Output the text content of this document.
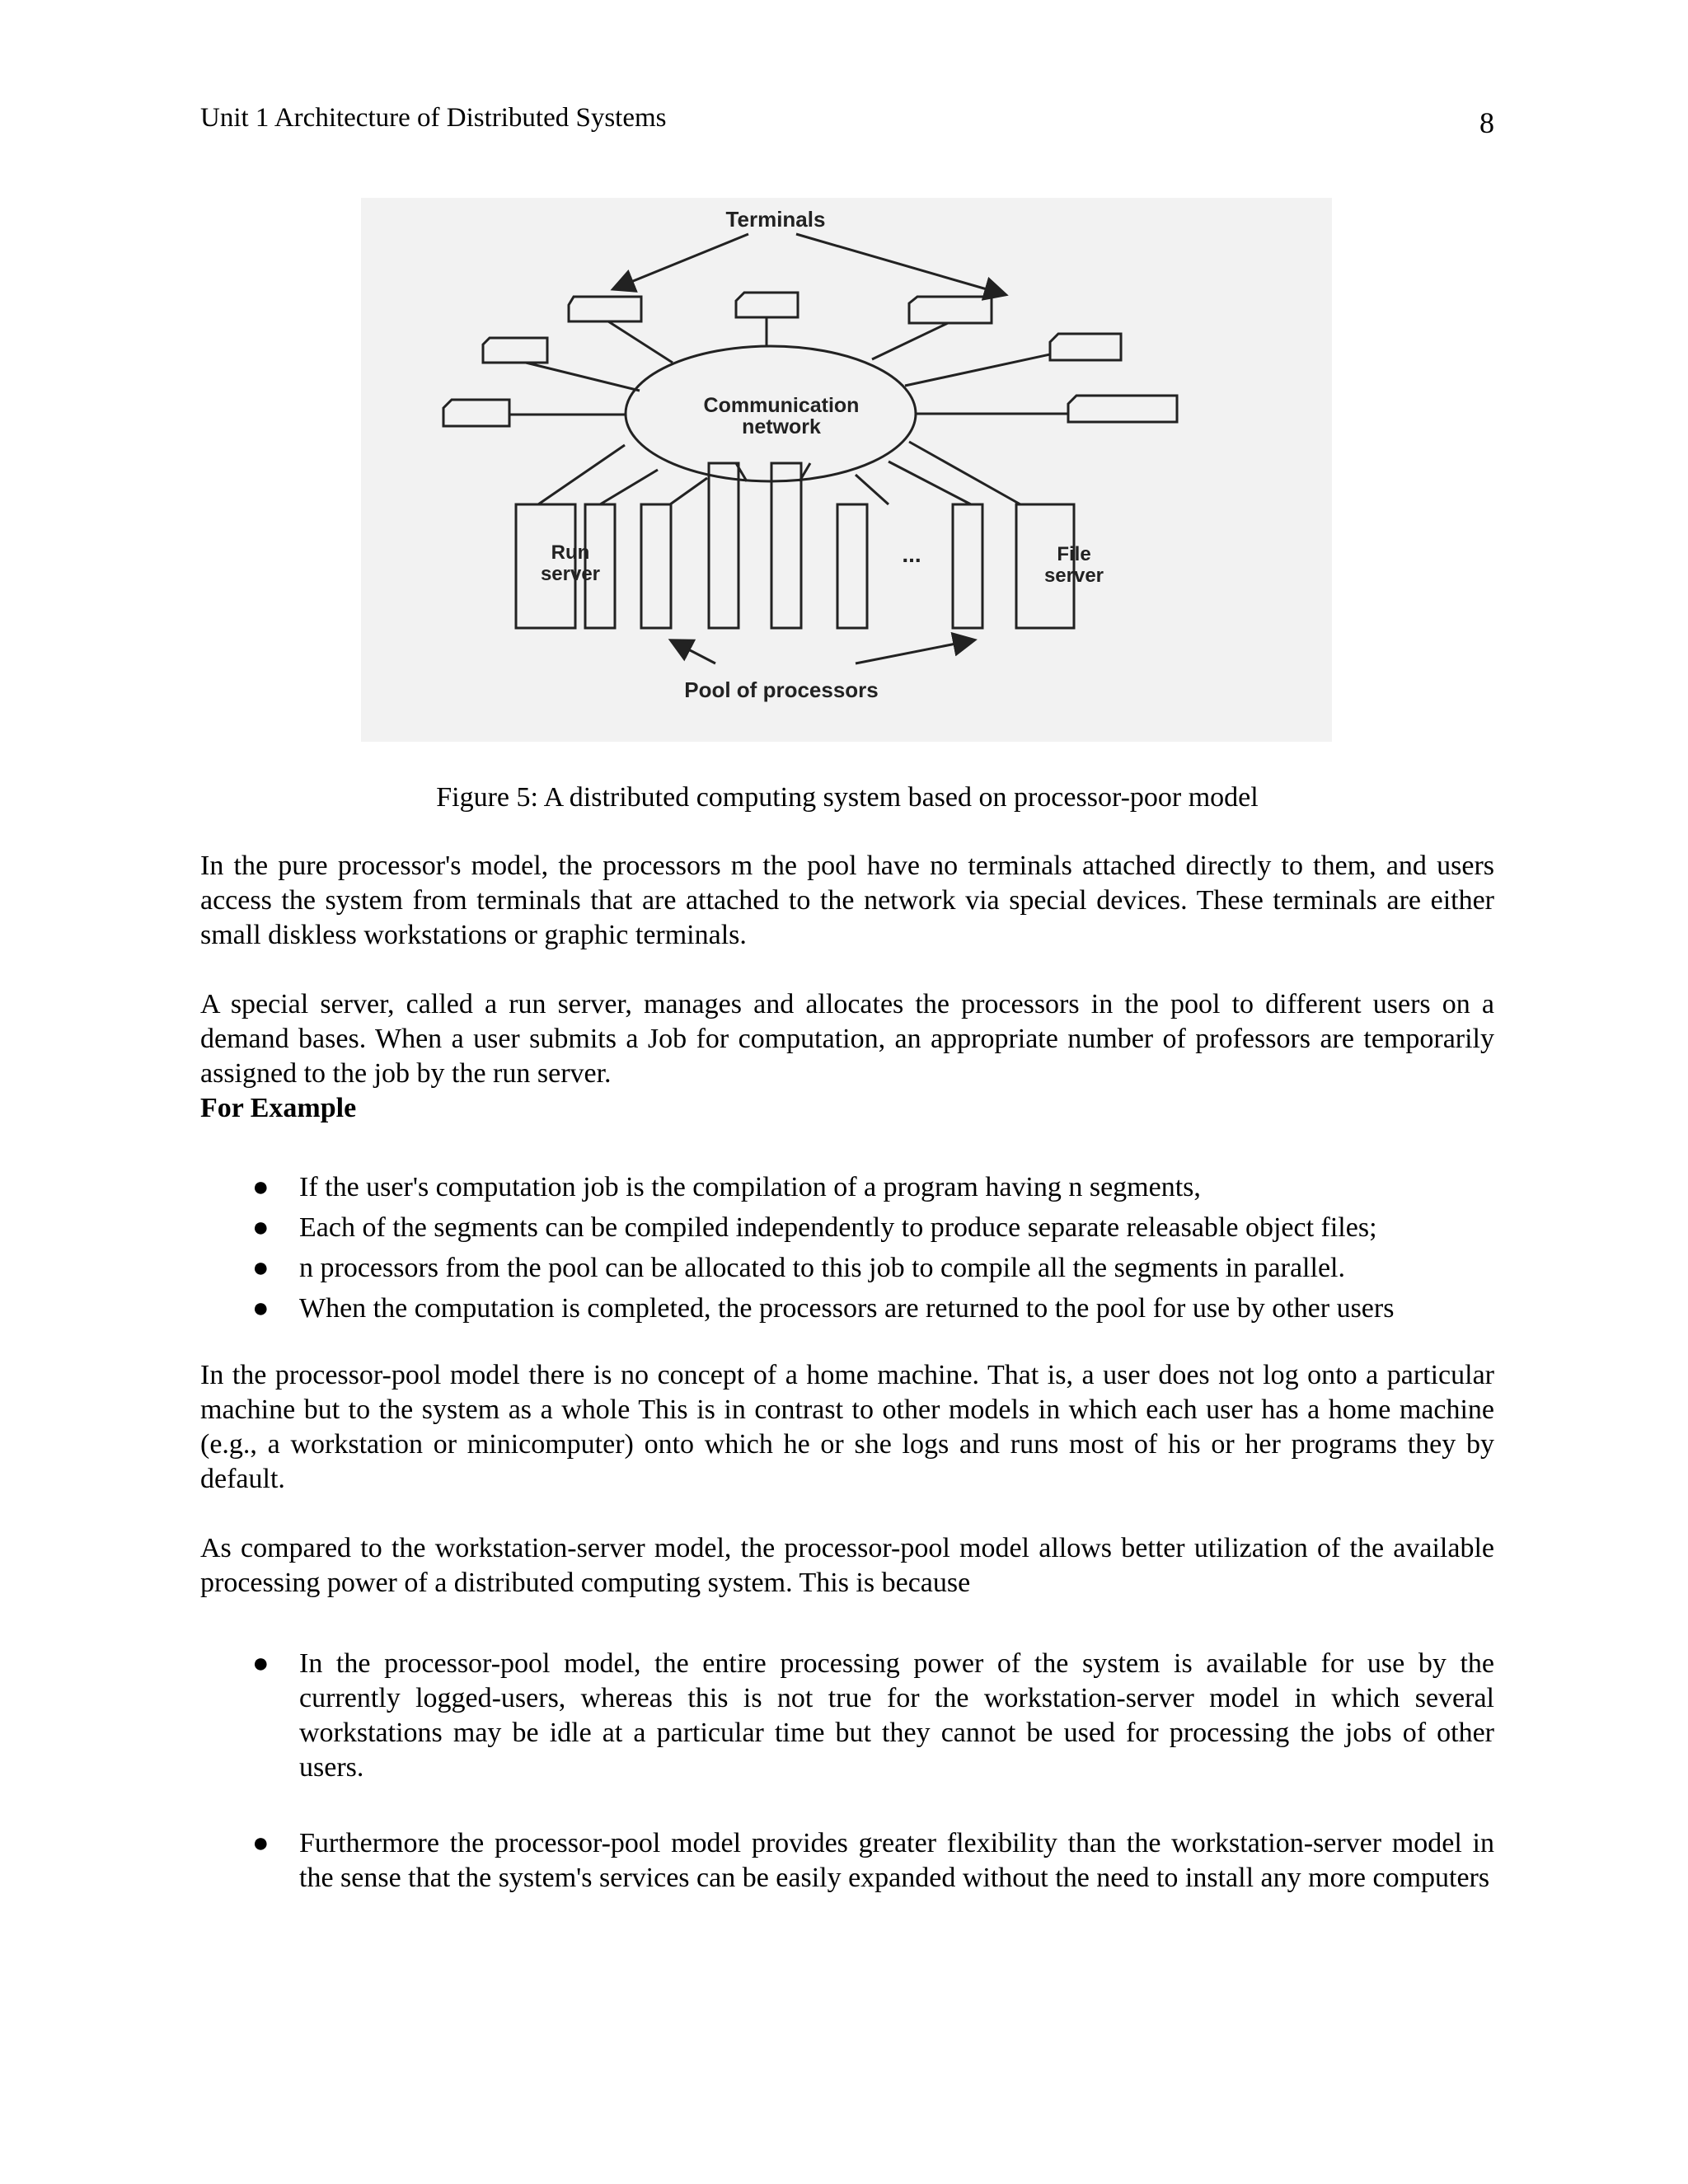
Unit 1 Architecture of Distributed Systems	8
Terminals
Communication
network
Run
server
...	File
server
Pool of processors
Figure 5: A distributed computing system based on processor-poor model

In the pure processor's model, the processors m the pool have no terminals attached directly to them, and users access the system from terminals that are attached to the network via special devices. These terminals are either small diskless workstations or graphic terminals.

A special server, called a run server, manages and allocates the processors in the pool to different users on a demand bases. When a user submits a Job for computation, an appropriate number of professors are temporarily assigned to the job by the run server.

For Example

● If the user's computation job is the compilation of a program having n segments,
● Each of the segments can be compiled independently to produce separate releasable object files;
● n processors from the pool can be allocated to this job to compile all the segments in parallel.
● When the computation is completed, the processors are returned to the pool for use by other users

In the processor-pool model there is no concept of a home machine. That is, a user does not log onto a particular machine but to the system as a whole This is in contrast to other models in which each user has a home machine (e.g., a workstation or minicomputer) onto which he or she logs and runs most of his or her programs they by default.

As compared to the workstation-server model, the processor-pool model allows better utilization of the available processing power of a distributed computing system. This is because

● In the processor-pool model, the entire processing power of the system is available for use by the currently logged-users, whereas this is not true for the workstation-server model in which several workstations may be idle at a particular time but they cannot be used for processing the jobs of other users.
● Furthermore the processor-pool model provides greater flexibility than the workstation-server model in the sense that the system's services can be easily expanded without the need to install any more computers
